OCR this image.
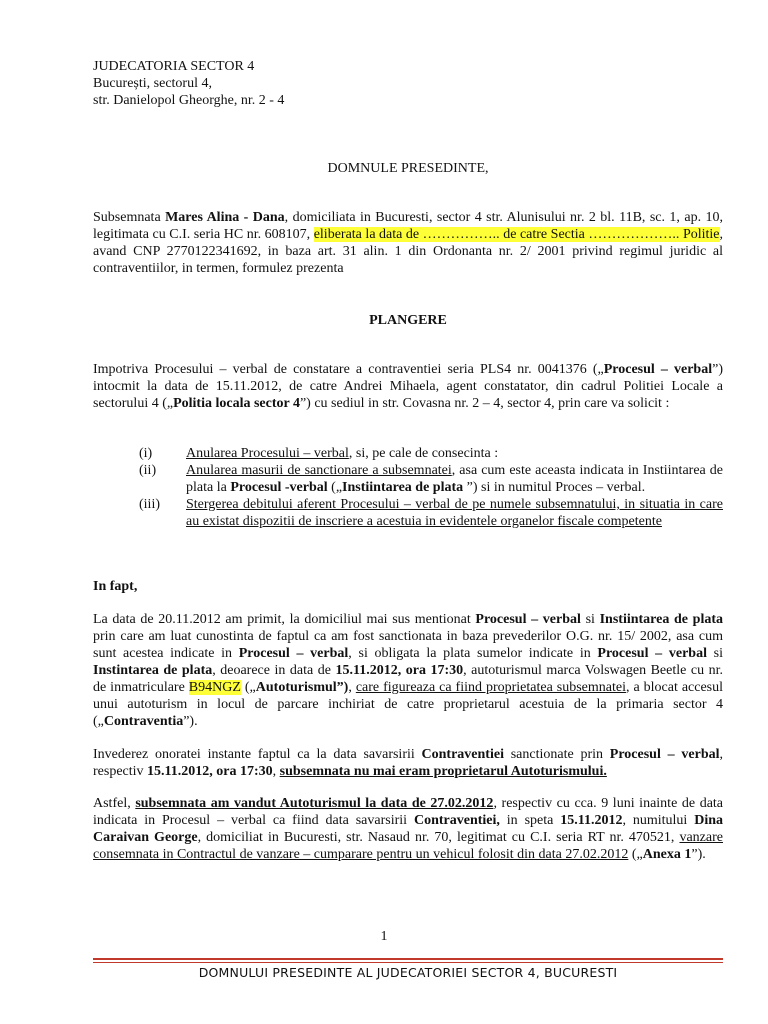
JUDECATORIA SECTOR 4

București, sectorul 4,

str. Danielopol Gheorghe, nr. 2 - 4

DOMNULE PRESEDINTE,

Subsemnata Mares Alina - Dana, domiciliata in Bucuresti, sector 4 str. Alunisului nr. 2 bl. 11B, sc. 1, ap. 10, legitimata cu C.I. seria HC nr. 608107, eliberata la data de …………….. de catre Sectia ……………….. Politie, avand CNP 2770122341692, in baza art. 31 alin. 1 din Ordonanta nr. 2/ 2001 privind regimul juridic al contraventiilor, in termen, formulez prezenta

PLANGERE

Impotriva Procesului – verbal de constatare a contraventiei seria PLS4 nr. 0041376 („Procesul – verbal”) intocmit la data de 15.11.2012, de catre Andrei Mihaela, agent constatator, din cadrul Politiei Locale a sectorului 4 („Politia locala sector 4”) cu sediul in str. Covasna nr. 2 – 4, sector 4, prin care va solicit :

(i)	Anularea Procesului – verbal, si, pe cale de consecinta :
(ii)	Anularea masurii de sanctionare a subsemnatei, asa cum este aceasta indicata in Instiintarea de plata la Procesul -verbal („Instiintarea de plata ”) si in numitul Proces – verbal.
(iii)	Stergerea debitului aferent Procesului – verbal de pe numele subsemnatului, in situatia in care au existat dispozitii de inscriere a acestuia in evidentele organelor fiscale competente

In fapt,

La data de 20.11.2012 am primit, la domiciliul mai sus mentionat Procesul – verbal si Instiintarea de plata prin care am luat cunostinta de faptul ca am fost sanctionata in baza prevederilor O.G. nr. 15/ 2002, asa cum sunt acestea indicate in Procesul – verbal, si obligata la plata sumelor indicate in Procesul – verbal si Instintarea de plata, deoarece in data de 15.11.2012, ora 17:30, autoturismul marca Volswagen Beetle cu nr. de inmatriculare B94NGZ („Autoturismul”), care figureaza ca fiind proprietatea subsemnatei, a blocat accesul unui autoturism in locul de parcare inchiriat de catre proprietarul acestuia de la primaria sector 4 („Contraventia”).

Invederez onoratei instante faptul ca la data savarsirii Contraventiei sanctionate prin Procesul – verbal, respectiv 15.11.2012, ora 17:30, subsemnata nu mai eram proprietarul Autoturismului.

Astfel, subsemnata am vandut Autoturismul la data de 27.02.2012, respectiv cu cca. 9 luni inainte de data indicata in Procesul – verbal ca fiind data savarsirii Contraventiei, in speta 15.11.2012, numitului Dina Caraivan George, domiciliat in Bucuresti, str. Nasaud nr. 70, legitimat cu C.I. seria RT nr. 470521, vanzare consemnata in Contractul de vanzare – cumparare pentru un vehicul folosit din data 27.02.2012 („Anexa 1”).

1
DOMNULUI PRESEDINTE AL JUDECATORIEI SECTOR 4, BUCURESTI
